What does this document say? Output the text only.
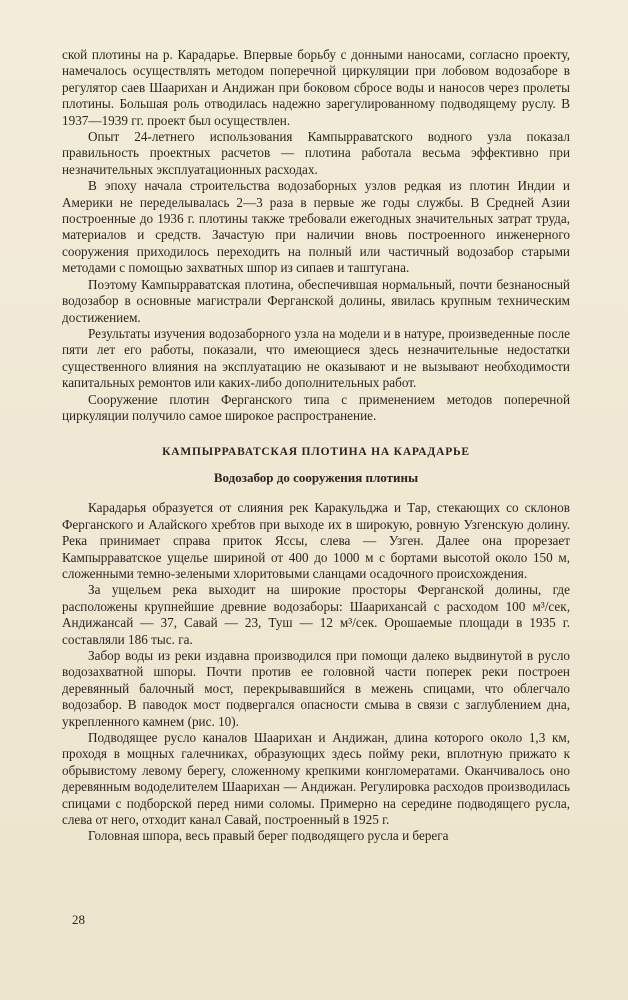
ской плотины на р. Карадарье. Впервые борьбу с донными наносами, согласно проекту, намечалось осуществлять методом поперечной циркуляции при лобовом водозаборе в регулятор саев Шаарихан и Андижан при боковом сбросе воды и наносов через пролеты плотины. Большая роль отводилась надежно зарегулированному подводящему руслу. В 1937—1939 гг. проект был осуществлен.

Опыт 24-летнего использования Кампырраватского водного узла показал правильность проектных расчетов — плотина работала весьма эффективно при незначительных эксплуатационных расходах.

В эпоху начала строительства водозаборных узлов редкая из плотин Индии и Америки не переделывалась 2—3 раза в первые же годы службы. В Средней Азии построенные до 1936 г. плотины также требовали ежегодных значительных затрат труда, материалов и средств. Зачастую при наличии вновь построенного инженерного сооружения приходилось переходить на полный или частичный водозабор старыми методами с помощью захватных шпор из сипаев и таштугана.

Поэтому Кампырраватская плотина, обеспечившая нормальный, почти безнаносный водозабор в основные магистрали Ферганской долины, явилась крупным техническим достижением.

Результаты изучения водозаборного узла на модели и в натуре, произведенные после пяти лет его работы, показали, что имеющиеся здесь незначительные недостатки существенного влияния на эксплуатацию не оказывают и не вызывают необходимости капитальных ремонтов или каких-либо дополнительных работ.

Сооружение плотин Ферганского типа с применением методов поперечной циркуляции получило самое широкое распространение.

КАМПЫРРАВАТСКАЯ ПЛОТИНА НА КАРАДАРЬЕ
Водозабор до сооружения плотины

Карадарья образуется от слияния рек Каракульджа и Тар, стекающих со склонов Ферганского и Алайского хребтов при выходе их в широкую, ровную Узгенскую долину. Река принимает справа приток Яссы, слева — Узген. Далее она прорезает Кампырраватское ущелье шириной от 400 до 1000 м с бортами высотой около 150 м, сложенными темно-зелеными хлоритовыми сланцами осадочного происхождения.

За ущельем река выходит на широкие просторы Ферганской долины, где расположены крупнейшие древние водозаборы: Шаарихансай с расходом 100 м³/сек, Андижансай — 37, Савай — 23, Туш — 12 м³/сек. Орошаемые площади в 1935 г. составляли 186 тыс. га.

Забор воды из реки издавна производился при помощи далеко выдвинутой в русло водозахватной шпоры. Почти против ее головной части поперек реки построен деревянный балочный мост, перекрывавшийся в межень спицами, что облегчало водозабор. В паводок мост подвергался опасности смыва в связи с заглублением дна, укрепленного камнем (рис. 10).

Подводящее русло каналов Шаарихан и Андижан, длина которого около 1,3 км, проходя в мощных галечниках, образующих здесь пойму реки, вплотную прижато к обрывистому левому берегу, сложенному крепкими конгломератами. Оканчивалось оно деревянным вододелителем Шаарихан — Андижан. Регулировка расходов производилась спицами с подборской перед ними соломы. Примерно на середине подводящего русла, слева от него, отходит канал Савай, построенный в 1925 г.

Головная шпора, весь правый берег подводящего русла и берега

28
